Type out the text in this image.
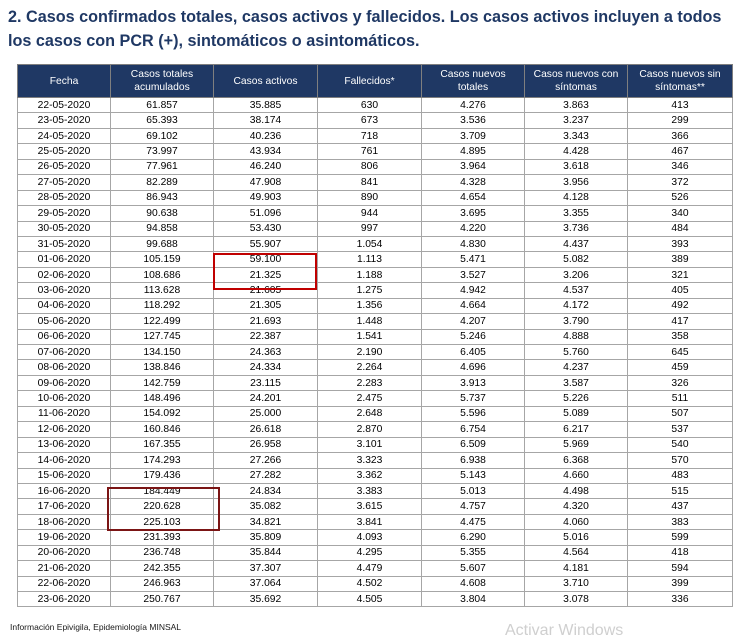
2. Casos confirmados totales, casos activos y fallecidos. Los casos activos incluyen a todos los casos con PCR (+), sintomáticos o asintomáticos.
Fecha	Casos totales acumulados	Casos activos	Fallecidos*	Casos nuevos totales	Casos nuevos con síntomas	Casos nuevos sin síntomas**
22-05-2020	61.857	35.885	630	4.276	3.863	413
23-05-2020	65.393	38.174	673	3.536	3.237	299
24-05-2020	69.102	40.236	718	3.709	3.343	366
25-05-2020	73.997	43.934	761	4.895	4.428	467
26-05-2020	77.961	46.240	806	3.964	3.618	346
27-05-2020	82.289	47.908	841	4.328	3.956	372
28-05-2020	86.943	49.903	890	4.654	4.128	526
29-05-2020	90.638	51.096	944	3.695	3.355	340
30-05-2020	94.858	53.430	997	4.220	3.736	484
31-05-2020	99.688	55.907	1.054	4.830	4.437	393
01-06-2020	105.159	59.100	1.113	5.471	5.082	389
02-06-2020	108.686	21.325	1.188	3.527	3.206	321
03-06-2020	113.628	21.605	1.275	4.942	4.537	405
04-06-2020	118.292	21.305	1.356	4.664	4.172	492
05-06-2020	122.499	21.693	1.448	4.207	3.790	417
06-06-2020	127.745	22.387	1.541	5.246	4.888	358
07-06-2020	134.150	24.363	2.190	6.405	5.760	645
08-06-2020	138.846	24.334	2.264	4.696	4.237	459
09-06-2020	142.759	23.115	2.283	3.913	3.587	326
10-06-2020	148.496	24.201	2.475	5.737	5.226	511
11-06-2020	154.092	25.000	2.648	5.596	5.089	507
12-06-2020	160.846	26.618	2.870	6.754	6.217	537
13-06-2020	167.355	26.958	3.101	6.509	5.969	540
14-06-2020	174.293	27.266	3.323	6.938	6.368	570
15-06-2020	179.436	27.282	3.362	5.143	4.660	483
16-06-2020	184.449	24.834	3.383	5.013	4.498	515
17-06-2020	220.628	35.082	3.615	4.757	4.320	437
18-06-2020	225.103	34.821	3.841	4.475	4.060	383
19-06-2020	231.393	35.809	4.093	6.290	5.016	599
20-06-2020	236.748	35.844	4.295	5.355	4.564	418
21-06-2020	242.355	37.307	4.479	5.607	4.181	594
22-06-2020	246.963	37.064	4.502	4.608	3.710	399
23-06-2020	250.767	35.692	4.505	3.804	3.078	336
Información Epivigila, Epidemiología MINSAL	Activar Windows
